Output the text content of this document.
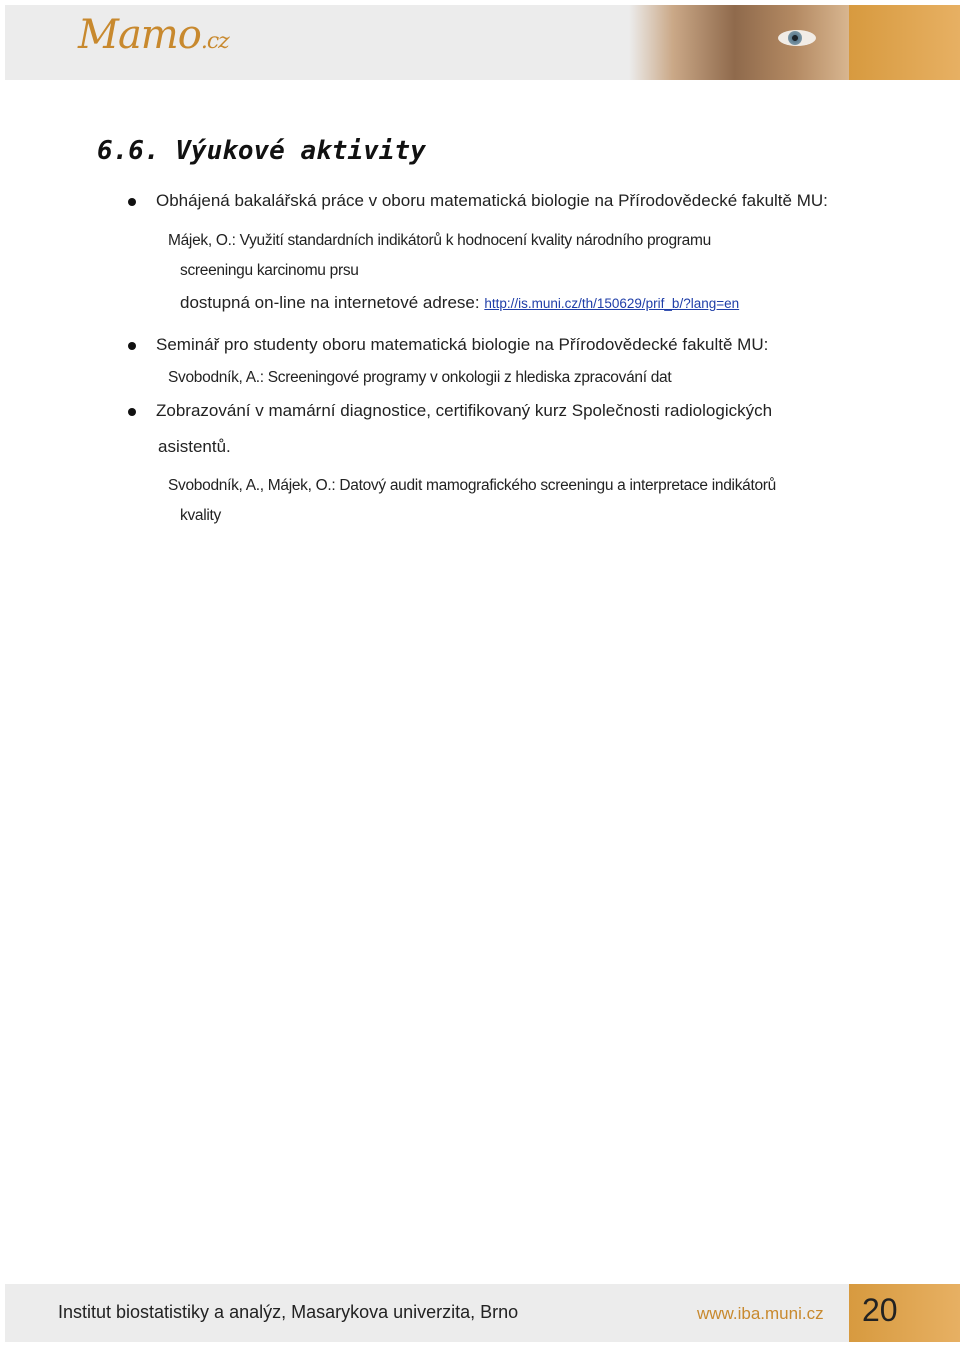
Mamo.cz
6.6. Výukové aktivity
Obhájená bakalářská práce v oboru matematická biologie na Přírodovědecké fakultě MU:
Májek, O.: Využití standardních indikátorů k hodnocení kvality národního programu
screeningu karcinomu prsu
dostupná on-line na internetové adrese: http://is.muni.cz/th/150629/prif_b/?lang=en
Seminář pro studenty oboru matematická biologie na Přírodovědecké fakultě MU:
Svobodník, A.: Screeningové programy v onkologii z hlediska zpracování dat
Zobrazování v mamární diagnostice, certifikovaný kurz Společnosti radiologických
asistentů.
Svobodník, A., Májek, O.: Datový audit mamografického screeningu a interpretace indikátorů
kvality
Institut biostatistiky a analýz, Masarykova univerzita, Brno	www.iba.muni.cz 20
